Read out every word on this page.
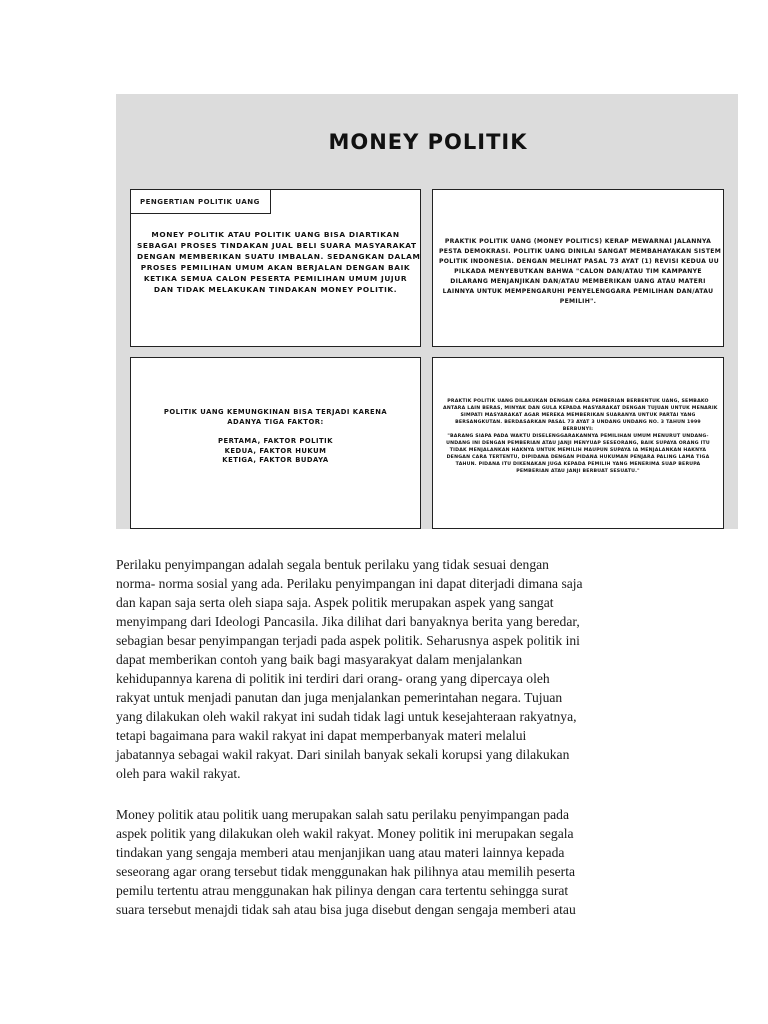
MONEY POLITIK
PENGERTIAN POLITIK UANG
MONEY POLITIK ATAU POLITIK UANG BISA DIARTIKAN
SEBAGAI PROSES TINDAKAN JUAL BELI SUARA MASYARAKAT
DENGAN MEMBERIKAN SUATU IMBALAN. SEDANGKAN DALAM
PROSES PEMILIHAN UMUM AKAN BERJALAN DENGAN BAIK
KETIKA SEMUA CALON PESERTA PEMILIHAN UMUM JUJUR
DAN TIDAK MELAKUKAN TINDAKAN MONEY POLITIK.
PRAKTIK POLITIK UANG (MONEY POLITICS) KERAP MEWARNAI JALANNYA
PESTA DEMOKRASI. POLITIK UANG DINILAI SANGAT MEMBAHAYAKAN SISTEM
POLITIK INDONESIA. DENGAN MELIHAT PASAL 73 AYAT (1) REVISI KEDUA UU
PILKADA MENYEBUTKAN BAHWA "CALON DAN/ATAU TIM KAMPANYE
DILARANG MENJANJIKAN DAN/ATAU MEMBERIKAN UANG ATAU MATERI
LAINNYA UNTUK MEMPENGARUHI PENYELENGGARA PEMILIHAN DAN/ATAU
PEMILIH".
POLITIK UANG KEMUNGKINAN BISA TERJADI KARENA
ADANYA TIGA FAKTOR:
PERTAMA, FAKTOR POLITIK
KEDUA, FAKTOR HUKUM
KETIGA, FAKTOR BUDAYA
PRAKTIK POLITIK UANG DILAKUKAN DENGAN CARA PEMBERIAN BERBENTUK UANG, SEMBAKO
ANTARA LAIN BERAS, MINYAK DAN GULA KEPADA MASYARAKAT DENGAN TUJUAN UNTUK MENARIK
SIMPATI MASYARAKAT AGAR MEREKA MEMBERIKAN SUARANYA UNTUK PARTAI YANG
BERSANGKUTAN. BERDASARKAN PASAL 73 AYAT 3 UNDANG UNDANG NO. 3 TAHUN 1999
BERBUNYI:
"BARANG SIAPA PADA WAKTU DISELENGGARAKANNYA PEMILIHAN UMUM MENURUT UNDANG-
UNDANG INI DENGAN PEMBERIAN ATAU JANJI MENYUAP SESEORANG, BAIK SUPAYA ORANG ITU
TIDAK MENJALANKAN HAKNYA UNTUK MEMILIH MAUPUN SUPAYA IA MENJALANKAN HAKNYA
DENGAN CARA TERTENTU, DIPIDANA DENGAN PIDANA HUKUMAN PENJARA PALING LAMA TIGA
TAHUN. PIDANA ITU DIKENAKAN JUGA KEPADA PEMILIH YANG MENERIMA SUAP BERUPA
PEMBERIAN ATAU JANJI BERBUAT SESUATU."
Perilaku penyimpangan adalah segala bentuk perilaku yang tidak sesuai dengan
norma- norma sosial yang ada. Perilaku penyimpangan ini dapat diterjadi dimana saja
dan kapan saja serta oleh siapa saja. Aspek politik merupakan aspek yang sangat
menyimpang dari Ideologi Pancasila. Jika dilihat dari banyaknya berita yang beredar,
sebagian besar penyimpangan terjadi pada aspek politik. Seharusnya aspek politik ini
dapat memberikan contoh yang baik bagi masyarakyat dalam menjalankan
kehidupannya karena di politik ini terdiri dari orang- orang yang dipercaya oleh
rakyat untuk menjadi panutan dan juga menjalankan pemerintahan negara. Tujuan
yang dilakukan oleh wakil rakyat ini sudah tidak lagi untuk kesejahteraan rakyatnya,
tetapi bagaimana para wakil rakyat ini dapat memperbanyak materi melalui
jabatannya sebagai wakil rakyat. Dari sinilah banyak sekali korupsi yang dilakukan
oleh para wakil rakyat.
Money politik atau politik uang merupakan salah satu perilaku penyimpangan pada
aspek politik yang dilakukan oleh wakil rakyat. Money politik ini merupakan segala
tindakan yang sengaja memberi atau menjanjikan uang atau materi lainnya kepada
seseorang agar orang tersebut tidak menggunakan hak pilihnya atau memilih peserta
pemilu tertentu atrau menggunakan hak pilinya dengan cara tertentu sehingga surat
suara tersebut menajdi tidak sah atau bisa juga disebut dengan sengaja memberi atau
